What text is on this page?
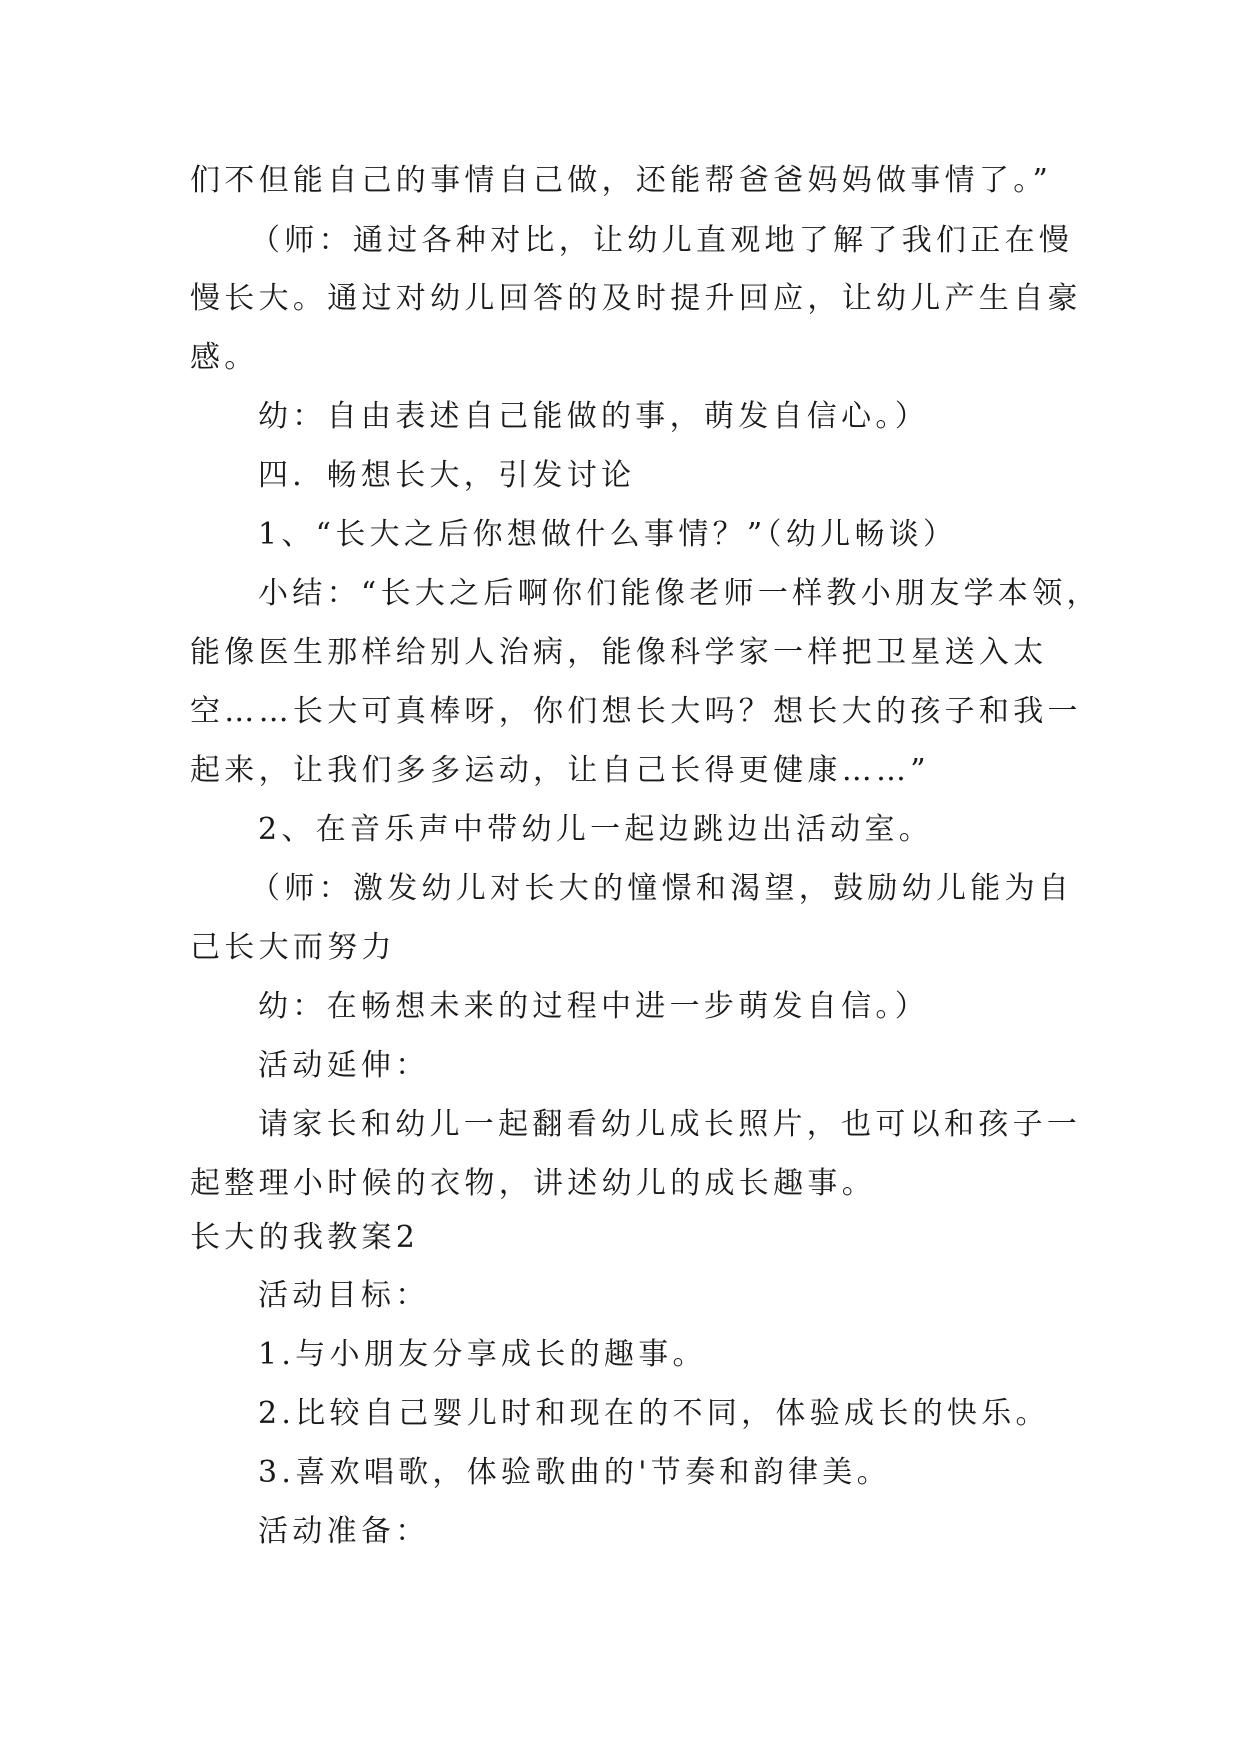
们不但能自己的事情自己做，还能帮爸爸妈妈做事情了。”
（师：通过各种对比，让幼儿直观地了解了我们正在慢
慢长大。通过对幼儿回答的及时提升回应，让幼儿产生自豪
感。
幼：自由表述自己能做的事，萌发自信心。）
四．畅想长大，引发讨论
1、“长大之后你想做什么事情？”（幼儿畅谈）
小结：“长大之后啊你们能像老师一样教小朋友学本领，
能像医生那样给别人治病，能像科学家一样把卫星送入太
空……长大可真棒呀，你们想长大吗？想长大的孩子和我一
起来，让我们多多运动，让自己长得更健康……”
2、在音乐声中带幼儿一起边跳边出活动室。
（师：激发幼儿对长大的憧憬和渴望，鼓励幼儿能为自
己长大而努力
幼：在畅想未来的过程中进一步萌发自信。）
活动延伸：
请家长和幼儿一起翻看幼儿成长照片，也可以和孩子一
起整理小时候的衣物，讲述幼儿的成长趣事。
长大的我教案2
活动目标：
1.与小朋友分享成长的趣事。
2.比较自己婴儿时和现在的不同，体验成长的快乐。
3.喜欢唱歌，体验歌曲的'节奏和韵律美。
活动准备：
